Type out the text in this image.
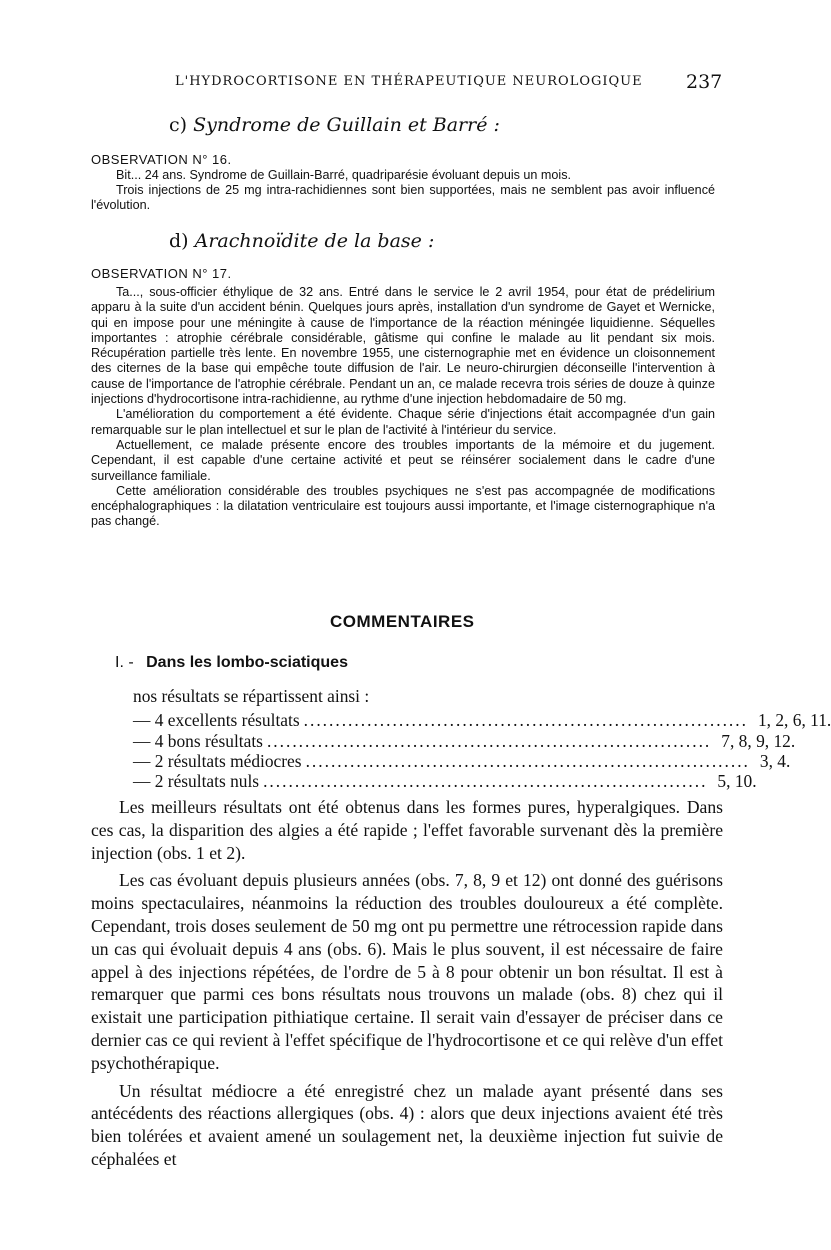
L'HYDROCORTISONE EN THÉRAPEUTIQUE NEUROLOGIQUE 237
c) Syndrome de Guillain et Barré :
OBSERVATION N° 16.

Bit... 24 ans. Syndrome de Guillain-Barré, quadriparésie évoluant depuis un mois.

Trois injections de 25 mg intra-rachidiennes sont bien supportées, mais ne semblent pas avoir influencé l'évolution.

d) Arachnoïdite de la base :
OBSERVATION N° 17.

Ta..., sous-officier éthylique de 32 ans. Entré dans le service le 2 avril 1954, pour état de prédelirium apparu à la suite d'un accident bénin. Quelques jours après, installation d'un syndrome de Gayet et Wernicke, qui en impose pour une méningite à cause de l'importance de la réaction méningée liquidienne. Séquelles importantes : atrophie cérébrale considérable, gâtisme qui confine le malade au lit pendant six mois. Récupération partielle très lente. En novembre 1955, une cisternographie met en évidence un cloisonnement des citernes de la base qui empêche toute diffusion de l'air. Le neuro-chirurgien déconseille l'intervention à cause de l'importance de l'atrophie cérébrale. Pendant un an, ce malade recevra trois séries de douze à quinze injections d'hydrocortisone intra-rachidienne, au rythme d'une injection hebdomadaire de 50 mg.

L'amélioration du comportement a été évidente. Chaque série d'injections était accompagnée d'un gain remarquable sur le plan intellectuel et sur le plan de l'activité à l'intérieur du service.

Actuellement, ce malade présente encore des troubles importants de la mémoire et du jugement. Cependant, il est capable d'une certaine activité et peut se réinsérer socialement dans le cadre d'une surveillance familiale.

Cette amélioration considérable des troubles psychiques ne s'est pas accompagnée de modifications encéphalographiques : la dilatation ventriculaire est toujours aussi importante, et l'image cisternographique n'a pas changé.

COMMENTAIRES
I. - Dans les lombo-sciatiques
nos résultats se répartissent ainsi :
— 4 excellents résultats ...................................................................... 1, 2, 6, 11.
— 4 bons résultats ...................................................................... 7, 8, 9, 12.
— 2 résultats médiocres ...................................................................... 3, 4.
— 2 résultats nuls ...................................................................... 5, 10.

Les meilleurs résultats ont été obtenus dans les formes pures, hyperalgiques. Dans ces cas, la disparition des algies a été rapide ; l'effet favorable survenant dès la première injection (obs. 1 et 2).

Les cas évoluant depuis plusieurs années (obs. 7, 8, 9 et 12) ont donné des guérisons moins spectaculaires, néanmoins la réduction des troubles douloureux a été complète. Cependant, trois doses seulement de 50 mg ont pu permettre une rétrocession rapide dans un cas qui évoluait depuis 4 ans (obs. 6). Mais le plus souvent, il est nécessaire de faire appel à des injections répétées, de l'ordre de 5 à 8 pour obtenir un bon résultat. Il est à remarquer que parmi ces bons résultats nous trouvons un malade (obs. 8) chez qui il existait une participation pithiatique certaine. Il serait vain d'essayer de préciser dans ce dernier cas ce qui revient à l'effet spécifique de l'hydrocortisone et ce qui relève d'un effet psychothérapique.

Un résultat médiocre a été enregistré chez un malade ayant présenté dans ses antécédents des réactions allergiques (obs. 4) : alors que deux injections avaient été très bien tolérées et avaient amené un soulagement net, la deuxième injection fut suivie de céphalées et
